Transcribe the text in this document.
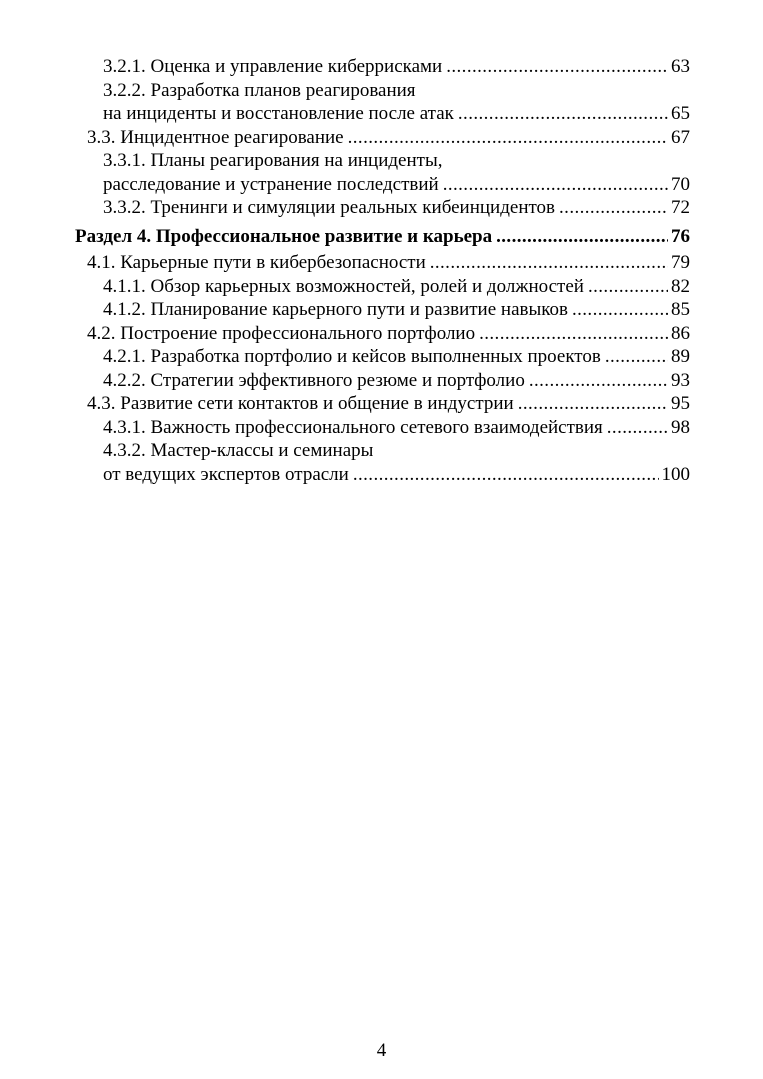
3.2.1. Оценка и управление киберрисками .....	63
3.2.2. Разработка планов реагирования
на инциденты и восстановление после атак .....	65
3.3. Инцидентное реагирование .....	67
3.3.1. Планы реагирования на инциденты,
расследование и устранение последствий .....	70
3.3.2. Тренинги и симуляции реальных кибеинцидентов .....	72
Раздел 4. Профессиональное развитие и карьера .....	76
4.1. Карьерные пути в кибербезопасности .....	79
4.1.1. Обзор карьерных возможностей, ролей и должностей .....	82
4.1.2. Планирование карьерного пути и развитие навыков .....	85
4.2. Построение профессионального портфолио .....	86
4.2.1. Разработка портфолио и кейсов выполненных проектов .....	89
4.2.2. Стратегии эффективного резюме и портфолио .....	93
4.3. Развитие сети контактов и общение в индустрии .....	95
4.3.1. Важность профессионального сетевого взаимодействия .....	98
4.3.2. Мастер-классы и семинары
от ведущих экспертов отрасли .....	100
4
